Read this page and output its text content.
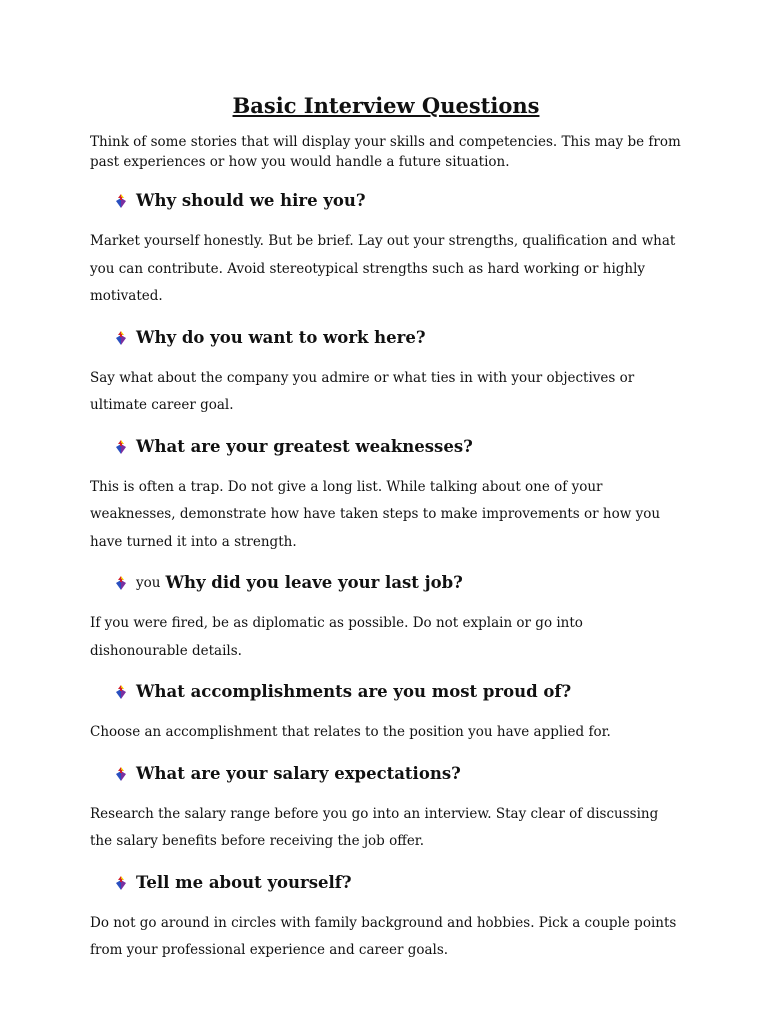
Basic Interview Questions

Think of some stories that will display your skills and competencies. This may be from past experiences or how you would handle a future situation.

Why should we hire you?

Market yourself honestly. But be brief. Lay out your strengths, qualification and what you can contribute. Avoid stereotypical strengths such as hard working or highly motivated.

Why do you want to work here?

Say what about the company you admire or what ties in with your objectives or ultimate career goal.

What are your greatest weaknesses?

This is often a trap. Do not give a long list. While talking about one of your weaknesses, demonstrate how have taken steps to make improvements or how you have turned it into a strength.

you Why did you leave your last job?

If you were fired, be as diplomatic as possible. Do not explain or go into dishonourable details.

What accomplishments are you most proud of?

Choose an accomplishment that relates to the position you have applied for.

What are your salary expectations?

Research the salary range before you go into an interview. Stay clear of discussing the salary benefits before receiving the job offer.

Tell me about yourself?

Do not go around in circles with family background and hobbies. Pick a couple points from your professional experience and career goals.
